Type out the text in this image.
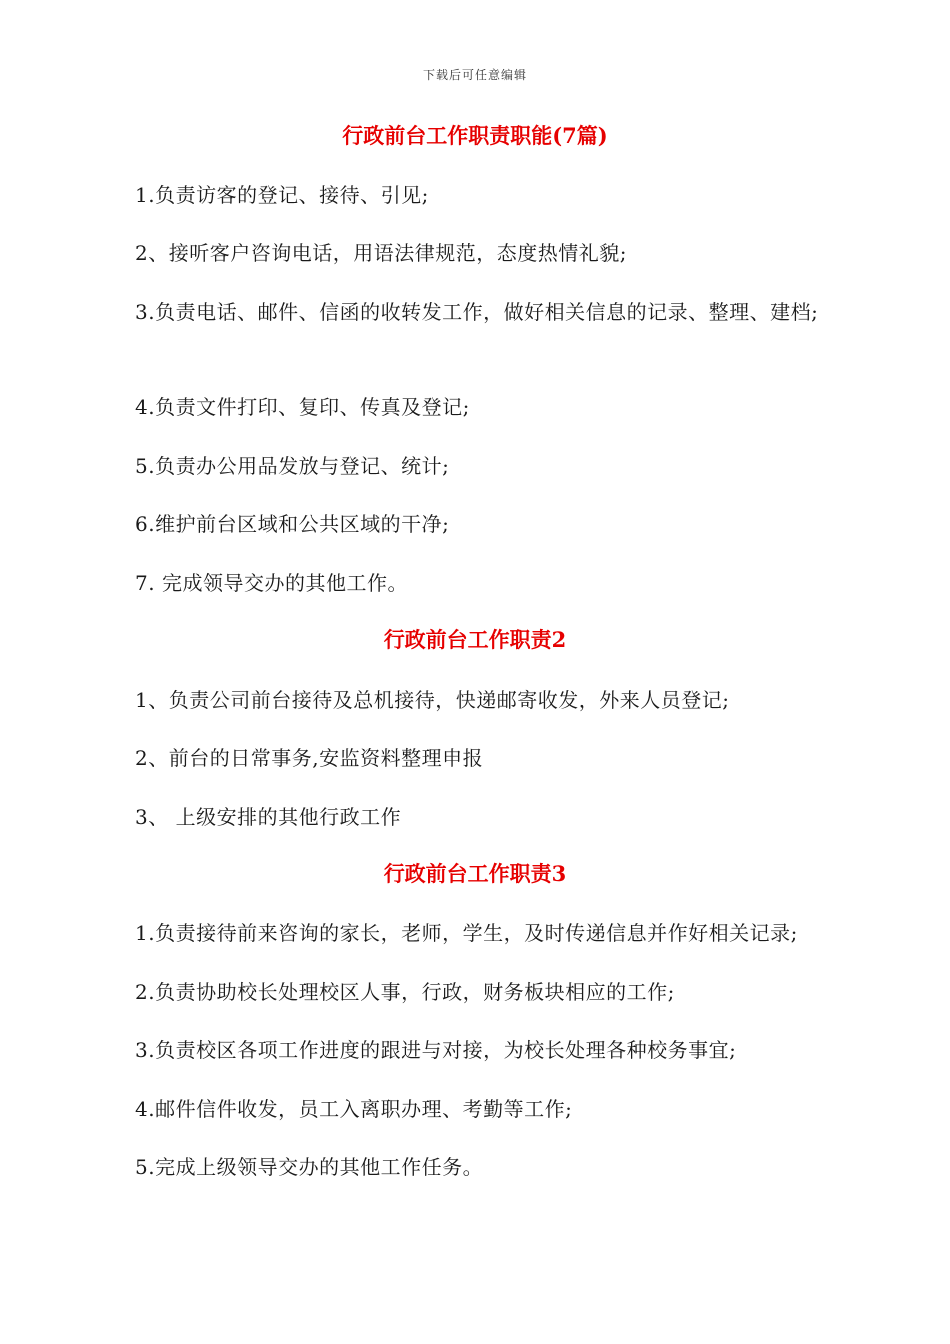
下载后可任意编辑
行政前台工作职责职能(7篇)
1.负责访客的登记、接待、引见;
2、接听客户咨询电话，用语法律规范，态度热情礼貌;
3.负责电话、邮件、信函的收转发工作，做好相关信息的记录、整理、建档;
4.负责文件打印、复印、传真及登记;
5.负责办公用品发放与登记、统计;
6.维护前台区域和公共区域的干净;
7. 完成领导交办的其他工作。
行政前台工作职责2
1、负责公司前台接待及总机接待，快递邮寄收发，外来人员登记;
2、前台的日常事务,安监资料整理申报
3、 上级安排的其他行政工作
行政前台工作职责3
1.负责接待前来咨询的家长，老师，学生，及时传递信息并作好相关记录;
2.负责协助校长处理校区人事，行政，财务板块相应的工作;
3.负责校区各项工作进度的跟进与对接，为校长处理各种校务事宜;
4.邮件信件收发，员工入离职办理、考勤等工作;
5.完成上级领导交办的其他工作任务。
